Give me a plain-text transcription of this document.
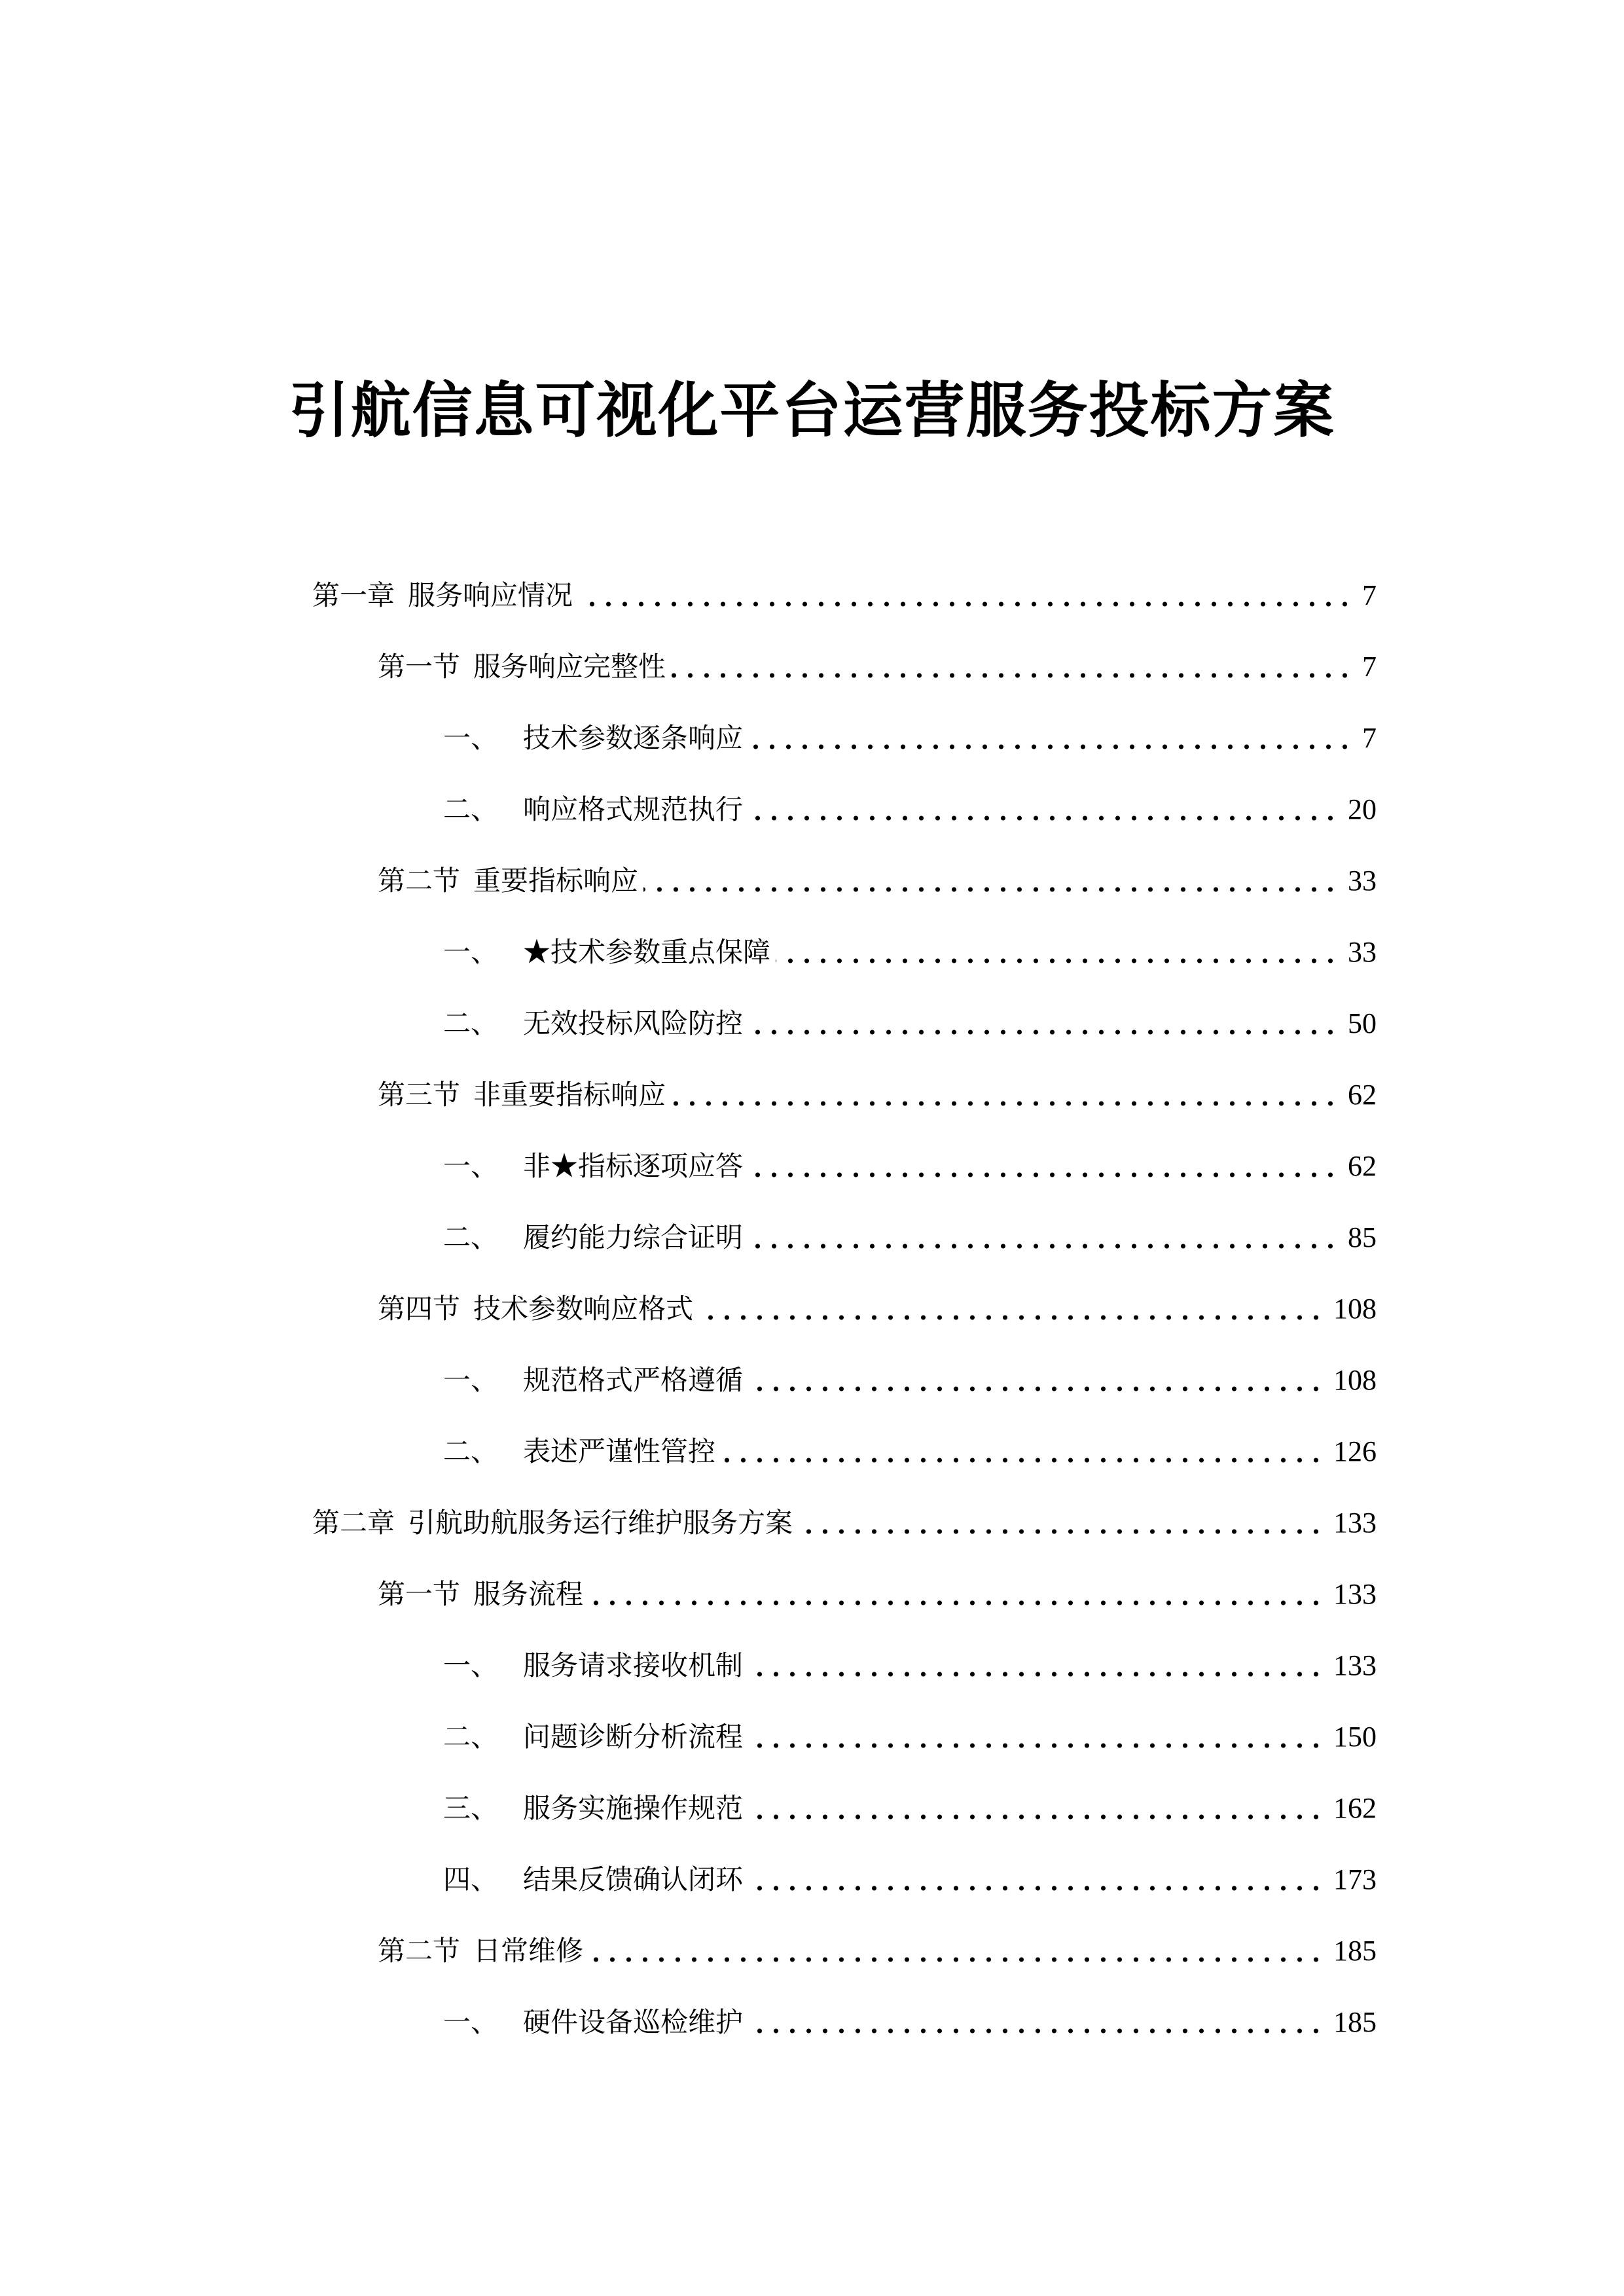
引航信息可视化平台运营服务投标方案
第一章 服务响应情况	7
第一节 服务响应完整性	7
一、 技术参数逐条响应	7
二、 响应格式规范执行	20
第二节 重要指标响应	33
一、 ★技术参数重点保障	33
二、 无效投标风险防控	50
第三节 非重要指标响应	62
一、 非★指标逐项应答	62
二、 履约能力综合证明	85
第四节 技术参数响应格式	108
一、 规范格式严格遵循	108
二、 表述严谨性管控	126
第二章 引航助航服务运行维护服务方案	133
第一节 服务流程	133
一、 服务请求接收机制	133
二、 问题诊断分析流程	150
三、 服务实施操作规范	162
四、 结果反馈确认闭环	173
第二节 日常维修	185
一、 硬件设备巡检维护	185
